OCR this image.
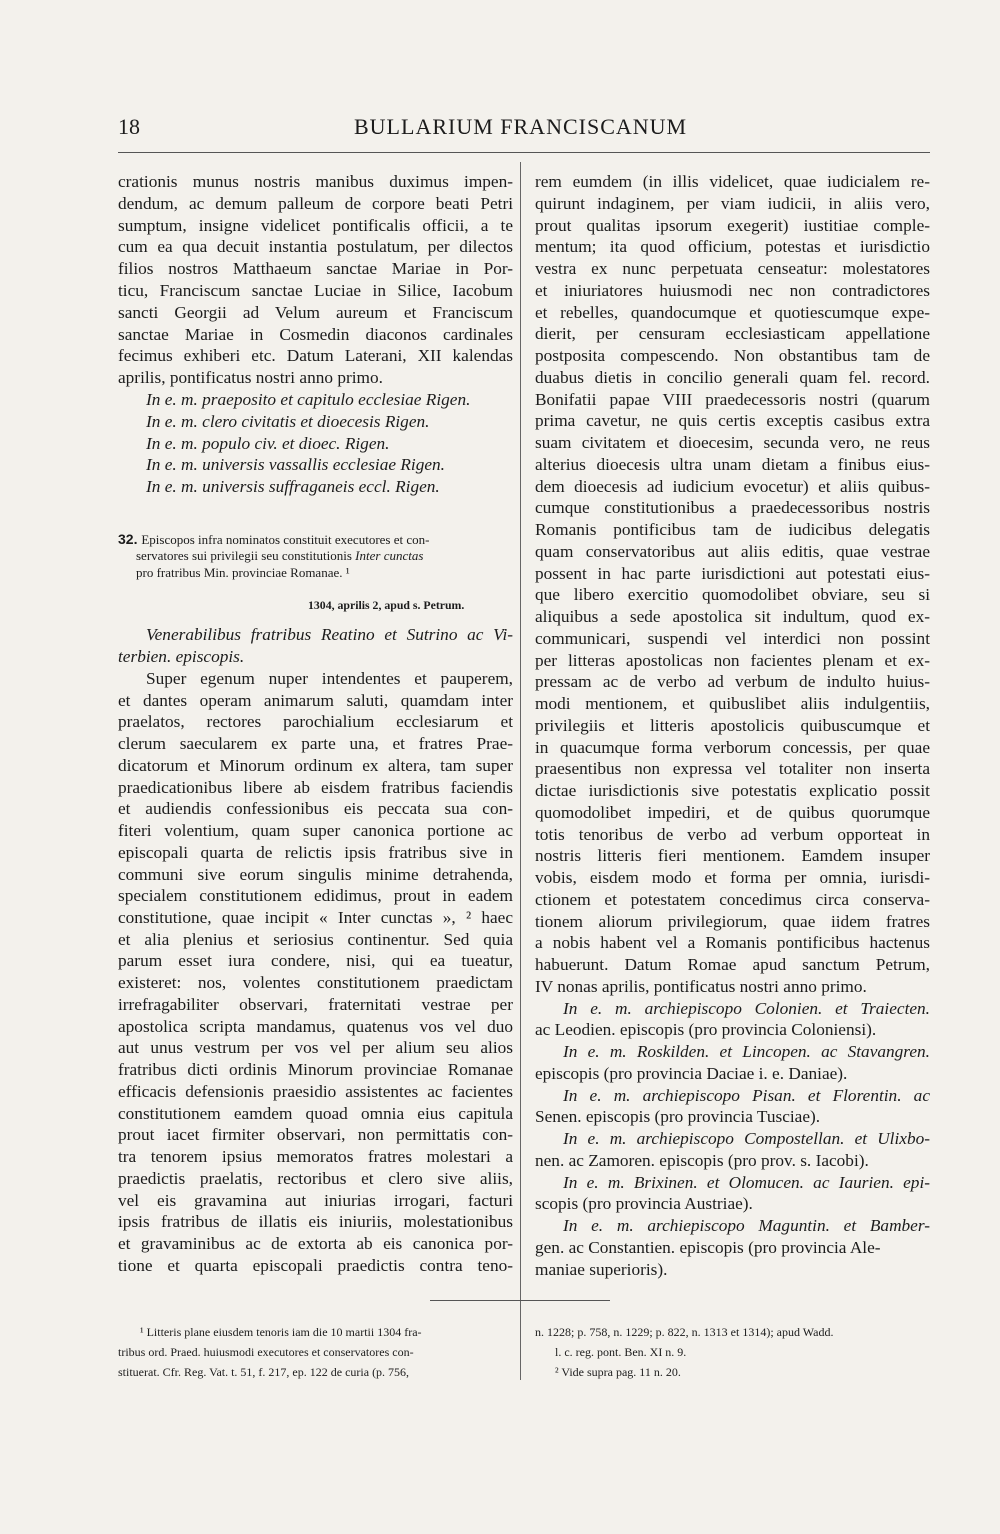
18	BULLARIUM FRANCISCANUM
crationis munus nostris manibus duximus impen-
dendum, ac demum palleum de corpore beati Petri
sumptum, insigne videlicet pontificalis officii, a te
cum ea qua decuit instantia postulatum, per dilectos
filios nostros Matthaeum sanctae Mariae in Por-
ticu, Franciscum sanctae Luciae in Silice, Iacobum
sancti Georgii ad Velum aureum et Franciscum
sanctae Mariae in Cosmedin diaconos cardinales
fecimus exhiberi etc. Datum Laterani, XII kalendas
aprilis, pontificatus nostri anno primo.
In e. m. praeposito et capitulo ecclesiae Rigen.
In e. m. clero civitatis et dioecesis Rigen.
In e. m. populo civ. et dioec. Rigen.
In e. m. universis vassallis ecclesiae Rigen.
In e. m. universis suffraganeis eccl. Rigen.
32. Episcopos infra nominatos constituit executores et con-
servatores sui privilegii seu constitutionis Inter cunctas
pro fratribus Min. provinciae Romanae. ¹
1304, aprilis 2, apud s. Petrum.
Venerabilibus fratribus Reatino et Sutrino ac Vi-
terbien. episcopis.
Super egenum nuper intendentes et pauperem,
et dantes operam animarum saluti, quamdam inter
praelatos, rectores parochialium ecclesiarum et
clerum saecularem ex parte una, et fratres Prae-
dicatorum et Minorum ordinum ex altera, tam super
praedicationibus libere ab eisdem fratribus faciendis
et audiendis confessionibus eis peccata sua con-
fiteri volentium, quam super canonica portione ac
episcopali quarta de relictis ipsis fratribus sive in
communi sive eorum singulis minime detrahenda,
specialem constitutionem edidimus, prout in eadem
constitutione, quae incipit « Inter cunctas », ² haec
et alia plenius et seriosius continentur. Sed quia
parum esset iura condere, nisi, qui ea tueatur,
existeret: nos, volentes constitutionem praedictam
irrefragabiliter observari, fraternitati vestrae per
apostolica scripta mandamus, quatenus vos vel duo
aut unus vestrum per vos vel per alium seu alios
fratribus dicti ordinis Minorum provinciae Romanae
efficacis defensionis praesidio assistentes ac facientes
constitutionem eamdem quoad omnia eius capitula
prout iacet firmiter observari, non permittatis con-
tra tenorem ipsius memoratos fratres molestari a
praedictis praelatis, rectoribus et clero sive aliis,
vel eis gravamina aut iniurias irrogari, facturi
ipsis fratribus de illatis eis iniuriis, molestationibus
et gravaminibus ac de extorta ab eis canonica por-
tione et quarta episcopali praedictis contra teno-
rem eumdem (in illis videlicet, quae iudicialem re-
quirunt indaginem, per viam iudicii, in aliis vero,
prout qualitas ipsorum exegerit) iustitiae comple-
mentum; ita quod officium, potestas et iurisdictio
vestra ex nunc perpetuata censeatur: molestatores
et iniuriatores huiusmodi nec non contradictores
et rebelles, quandocumque et quotiescumque expe-
dierit, per censuram ecclesiasticam appellatione
postposita compescendo. Non obstantibus tam de
duabus dietis in concilio generali quam fel. record.
Bonifatii papae VIII praedecessoris nostri (quarum
prima cavetur, ne quis certis exceptis casibus extra
suam civitatem et dioecesim, secunda vero, ne reus
alterius dioecesis ultra unam dietam a finibus eius-
dem dioecesis ad iudicium evocetur) et aliis quibus-
cumque constitutionibus a praedecessoribus nostris
Romanis pontificibus tam de iudicibus delegatis
quam conservatoribus aut aliis editis, quae vestrae
possent in hac parte iurisdictioni aut potestati eius-
que libero exercitio quomodolibet obviare, seu si
aliquibus a sede apostolica sit indultum, quod ex-
communicari, suspendi vel interdici non possint
per litteras apostolicas non facientes plenam et ex-
pressam ac de verbo ad verbum de indulto huius-
modi mentionem, et quibuslibet aliis indulgentiis,
privilegiis et litteris apostolicis quibuscumque et
in quacumque forma verborum concessis, per quae
praesentibus non expressa vel totaliter non inserta
dictae iurisdictionis sive potestatis explicatio possit
quomodolibet impediri, et de quibus quorumque
totis tenoribus de verbo ad verbum opporteat in
nostris litteris fieri mentionem. Eamdem insuper
vobis, eisdem modo et forma per omnia, iurisdi-
ctionem et potestatem concedimus circa conserva-
tionem aliorum privilegiorum, quae iidem fratres
a nobis habent vel a Romanis pontificibus hactenus
habuerunt. Datum Romae apud sanctum Petrum,
IV nonas aprilis, pontificatus nostri anno primo.
In e. m. archiepiscopo Colonien. et Traiecten.
ac Leodien. episcopis (pro provincia Coloniensi).
In e. m. Roskilden. et Lincopen. ac Stavangren.
episcopis (pro provincia Daciae i. e. Daniae).
In e. m. archiepiscopo Pisan. et Florentin. ac
Senen. episcopis (pro provincia Tusciae).
In e. m. archiepiscopo Compostellan. et Ulixbo-
nen. ac Zamoren. episcopis (pro prov. s. Iacobi).
In e. m. Brixinen. et Olomucen. ac Iaurien. epi-
scopis (pro provincia Austriae).
In e. m. archiepiscopo Maguntin. et Bamber-
gen. ac Constantien. episcopis (pro provincia Ale-
maniae superioris).
¹ Litteris plane eiusdem tenoris iam die 10 martii 1304 fra-
tribus ord. Praed. huiusmodi executores et conservatores con-
stituerat. Cfr. Reg. Vat. t. 51, f. 217, ep. 122 de curia (p. 756,
n. 1228; p. 758, n. 1229; p. 822, n. 1313 et 1314); apud Wadd.
l. c. reg. pont. Ben. XI n. 9.
² Vide supra pag. 11 n. 20.
